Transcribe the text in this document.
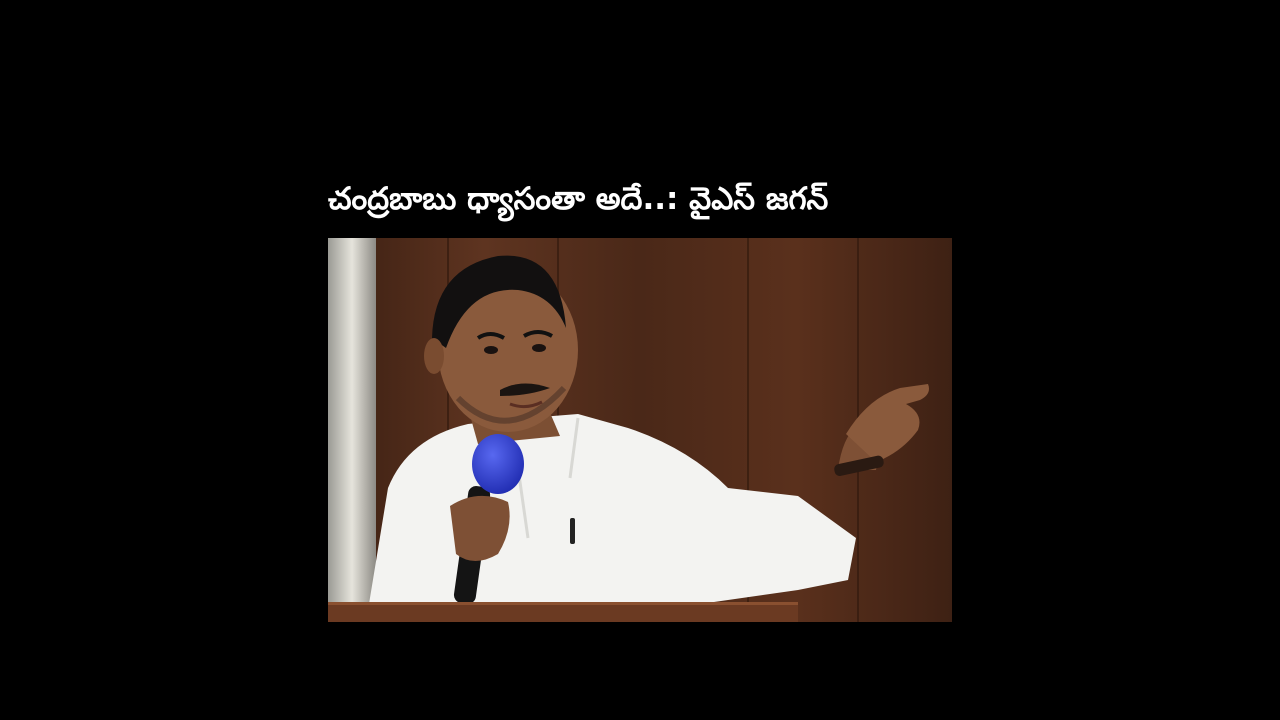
చంద్రబాబు ధ్యాసంతా అదే..: వైఎస్ జగన్
